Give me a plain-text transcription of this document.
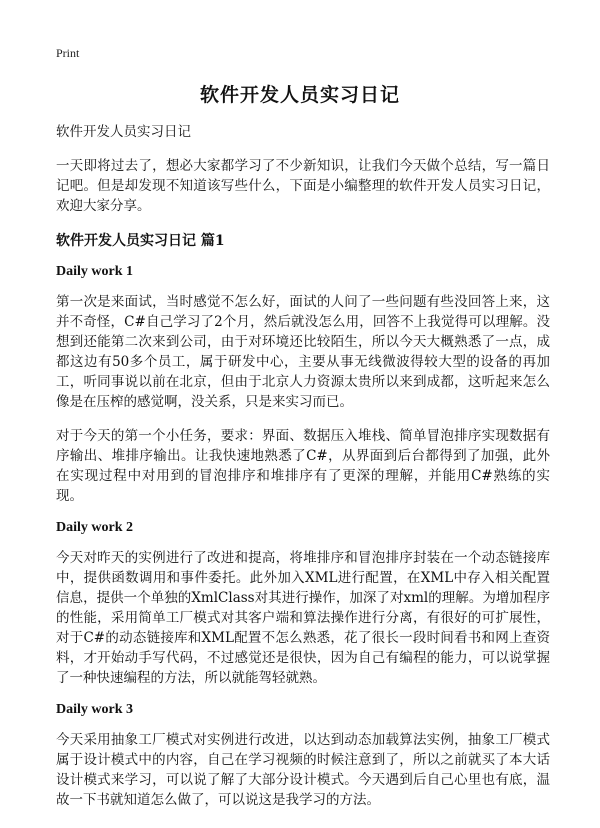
Print
软件开发人员实习日记
软件开发人员实习日记

一天即将过去了，想必大家都学习了不少新知识，让我们今天做个总结，写一篇日记吧。但是却发现不知道该写些什么，下面是小编整理的软件开发人员实习日记，欢迎大家分享。

软件开发人员实习日记 篇1
Daily work 1

第一次是来面试，当时感觉不怎么好，面试的人问了一些问题有些没回答上来，这并不奇怪，C#自己学习了2个月，然后就没怎么用，回答不上我觉得可以理解。没想到还能第二次来到公司，由于对环境还比较陌生，所以今天大概熟悉了一点，成都这边有50多个员工，属于研发中心，主要从事无线微波得较大型的设备的再加工，听同事说以前在北京，但由于北京人力资源太贵所以来到成都，这听起来怎么像是在压榨的感觉啊，没关系，只是来实习而已。

对于今天的第一个小任务，要求：界面、数据压入堆栈、简单冒泡排序实现数据有序输出、堆排序输出。让我快速地熟悉了C#，从界面到后台都得到了加强，此外在实现过程中对用到的冒泡排序和堆排序有了更深的理解，并能用C#熟练的实现。

Daily work 2

今天对昨天的实例进行了改进和提高，将堆排序和冒泡排序封装在一个动态链接库中，提供函数调用和事件委托。此外加入XML进行配置，在XML中存入相关配置信息，提供一个单独的XmlClass对其进行操作，加深了对xml的理解。为增加程序的性能，采用简单工厂模式对其客户端和算法操作进行分离，有很好的可扩展性，对于C#的动态链接库和XML配置不怎么熟悉，花了很长一段时间看书和网上查资料，才开始动手写代码，不过感觉还是很快，因为自己有编程的能力，可以说掌握了一种快速编程的方法，所以就能驾轻就熟。

Daily work 3

今天采用抽象工厂模式对实例进行改进，以达到动态加载算法实例，抽象工厂模式属于设计模式中的内容，自己在学习视频的时候注意到了，所以之前就买了本大话设计模式来学习，可以说了解了大部分设计模式。今天遇到后自己心里也有底，温故一下书就知道怎么做了，可以说这是我学习的方法。
